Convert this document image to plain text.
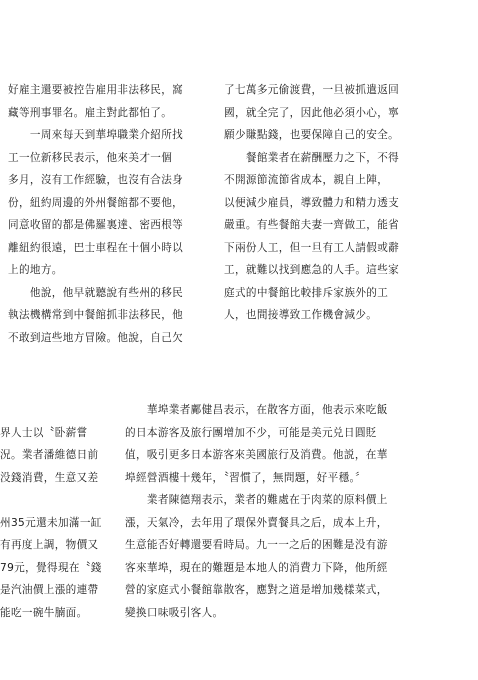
好雇主還要被控告雇用非法移民，窩

藏等刑事罪名。雇主對此都怕了。

　　一周來每天到華埠職業介紹所找

工一位新移民表示，他來美才一個

多月，沒有工作經驗，也沒有合法身

份，紐約周邊的外州餐館都不要他，

同意收留的都是佛羅裏達、密西根等

離紐約很遠，巴士車程在十個小時以

上的地方。

　　他說，他早就聽說有些州的移民

執法機構常到中餐館抓非法移民，他

不敢到這些地方冒險。他說，自己欠

了七萬多元偷渡費，一旦被抓遣返回

國，就全完了，因此他必須小心，寧

願少賺點錢，也要保障自己的安全。

　　餐館業者在薪酬壓力之下，不得

不開源節流節省成本，親自上陣，

以便減少雇員，導致體力和精力透支

嚴重。有些餐館夫妻一齊做工，能省

下兩份人工，但一旦有工人請假或辭

工，就難以找到應急的人手。這些家

庭式的中餐館比較排斥家族外的工

人，也間接導致工作機會減少。

界人士以〝卧薪嘗

況。業者潘維德日前

没錢消費，生意又差

州35元還未加滿一缸

有再度上調，物價又

79元，覺得現在〝錢

是汽油價上漲的連帶

能吃一碗牛腩面。

　　華埠業者鄺健昌表示，在散客方面，他表示來吃飯

的日本游客及旅行團增加不少，可能是美元兑日圓貶

值，吸引更多日本游客來美國旅行及消費。他説，在華

埠經營酒樓十幾年，〝習慣了，無問題，好平穩。〞

　　業者陳德翔表示，業者的難處在于肉菜的原料價上

漲，天氣冷，去年用了環保外賣餐具之后，成本上升，

生意能否好轉還要看時局。九一一之后的困難是没有游

客來華埠，現在的難題是本地人的消費力下降，他所經

營的家庭式小餐館靠散客，應對之道是增加幾樣菜式，

變換口味吸引客人。
